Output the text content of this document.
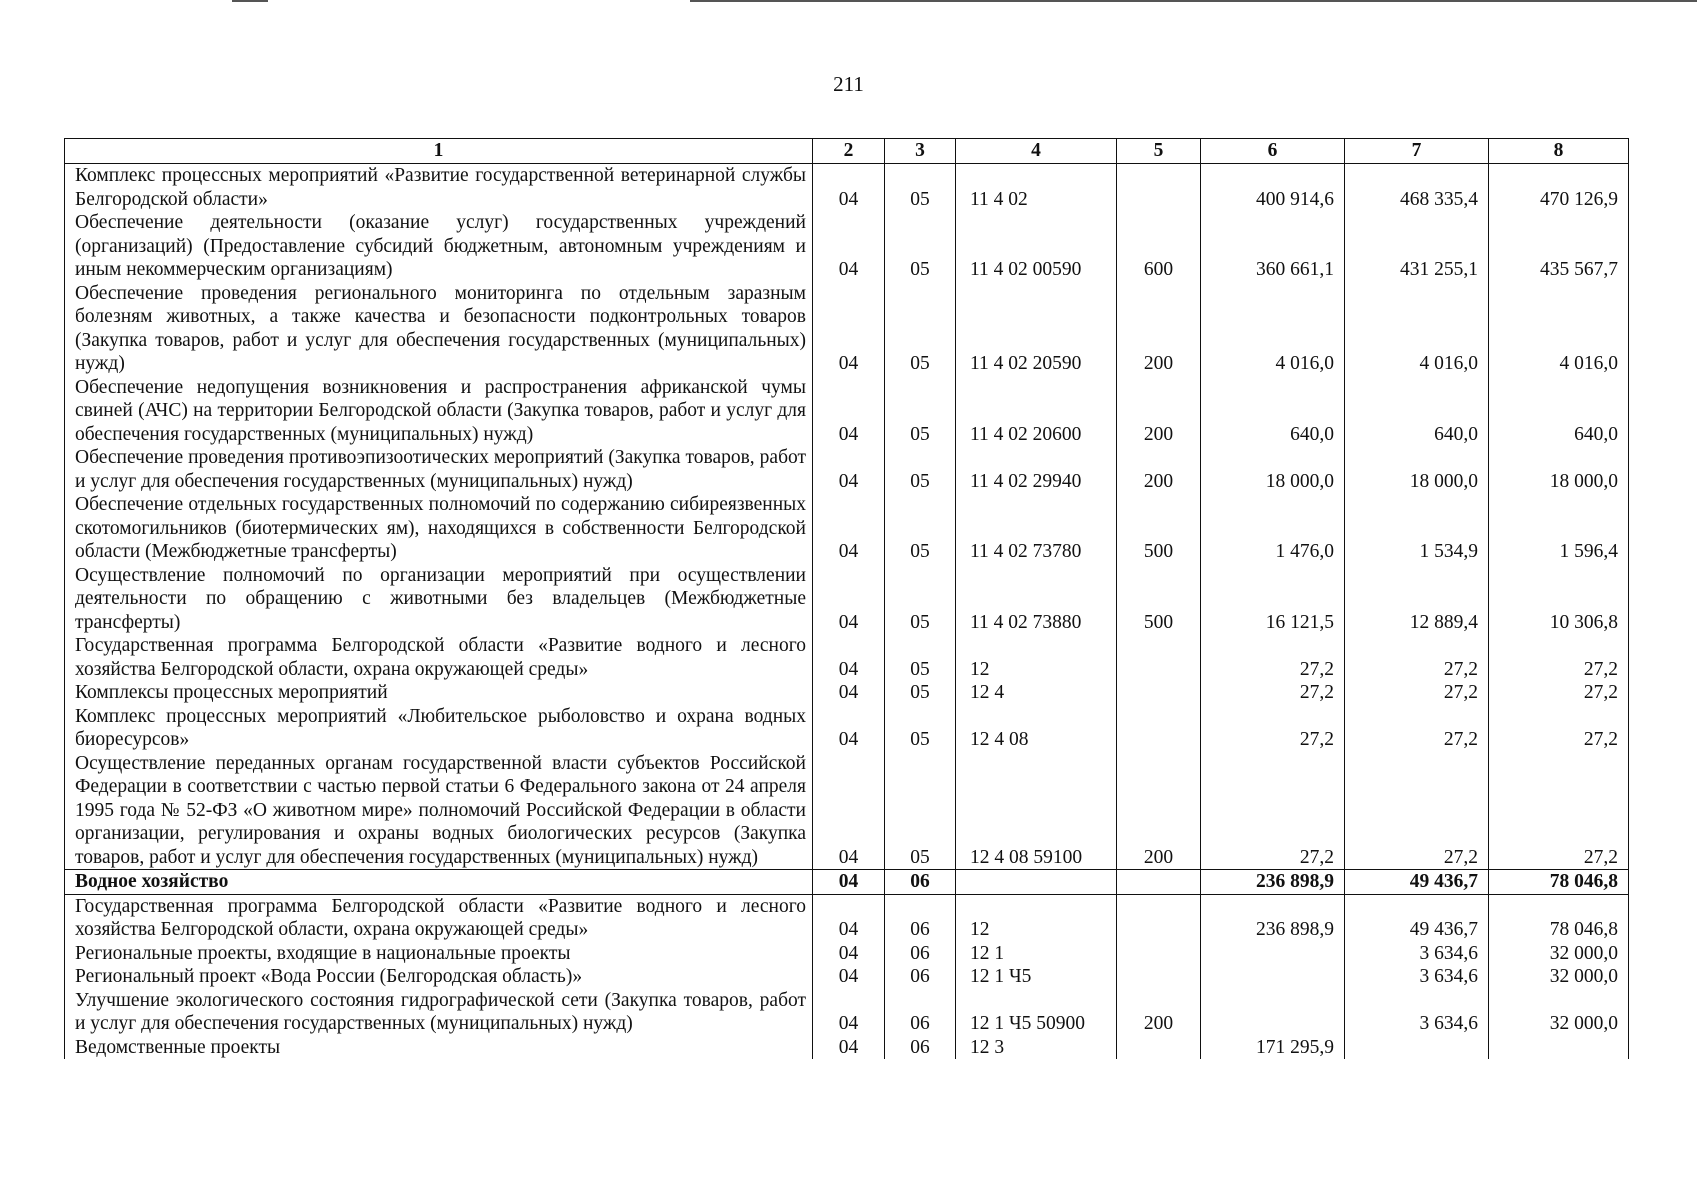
211
1	2	3	4	5	6	7	8
Комплекс процессных мероприятий «Развитие государственной ветеринарной службы Белгородской области»	04	05	11 4 02		400 914,6	468 335,4	470 126,9
Обеспечение деятельности (оказание услуг) государственных учреждений (организаций) (Предоставление субсидий бюджетным, автономным учреждениям и иным некоммерческим организациям)	04	05	11 4 02 00590	600	360 661,1	431 255,1	435 567,7
Обеспечение проведения регионального мониторинга по отдельным заразным болезням животных, а также качества и безопасности подконтрольных товаров (Закупка товаров, работ и услуг для обеспечения государственных (муниципальных) нужд)	04	05	11 4 02 20590	200	4 016,0	4 016,0	4 016,0
Обеспечение недопущения возникновения и распространения африканской чумы свиней (АЧС) на территории Белгородской области (Закупка товаров, работ и услуг для обеспечения государственных (муниципальных) нужд)	04	05	11 4 02 20600	200	640,0	640,0	640,0
Обеспечение проведения противоэпизоотических мероприятий (Закупка товаров, работ и услуг для обеспечения государственных (муниципальных) нужд)	04	05	11 4 02 29940	200	18 000,0	18 000,0	18 000,0
Обеспечение отдельных государственных полномочий по содержанию сибиреязвенных скотомогильников (биотермических ям), находящихся в собственности Белгородской области (Межбюджетные трансферты)	04	05	11 4 02 73780	500	1 476,0	1 534,9	1 596,4
Осуществление полномочий по организации мероприятий при осуществлении деятельности по обращению с животными без владельцев (Межбюджетные трансферты)	04	05	11 4 02 73880	500	16 121,5	12 889,4	10 306,8
Государственная программа Белгородской области «Развитие водного и лесного хозяйства Белгородской области, охрана окружающей среды»	04	05	12		27,2	27,2	27,2
Комплексы процессных мероприятий	04	05	12 4		27,2	27,2	27,2
Комплекс процессных мероприятий «Любительское рыболовство и охрана водных биоресурсов»	04	05	12 4 08		27,2	27,2	27,2
Осуществление переданных органам государственной власти субъектов Российской Федерации в соответствии с частью первой статьи 6 Федерального закона от 24 апреля 1995 года № 52-ФЗ «О животном мире» полномочий Российской Федерации в области организации, регулирования и охраны водных биологических ресурсов (Закупка товаров, работ и услуг для обеспечения государственных (муниципальных) нужд)	04	05	12 4 08 59100	200	27,2	27,2	27,2
Водное хозяйство	04	06			236 898,9	49 436,7	78 046,8
Государственная программа Белгородской области «Развитие водного и лесного хозяйства Белгородской области, охрана окружающей среды»	04	06	12		236 898,9	49 436,7	78 046,8
Региональные проекты, входящие в национальные проекты	04	06	12 1			3 634,6	32 000,0
Региональный проект «Вода России (Белгородская область)»	04	06	12 1 Ч5			3 634,6	32 000,0
Улучшение экологического состояния гидрографической сети (Закупка товаров, работ и услуг для обеспечения государственных (муниципальных) нужд)	04	06	12 1 Ч5 50900	200		3 634,6	32 000,0
Ведомственные проекты	04	06	12 3		171 295,9		
